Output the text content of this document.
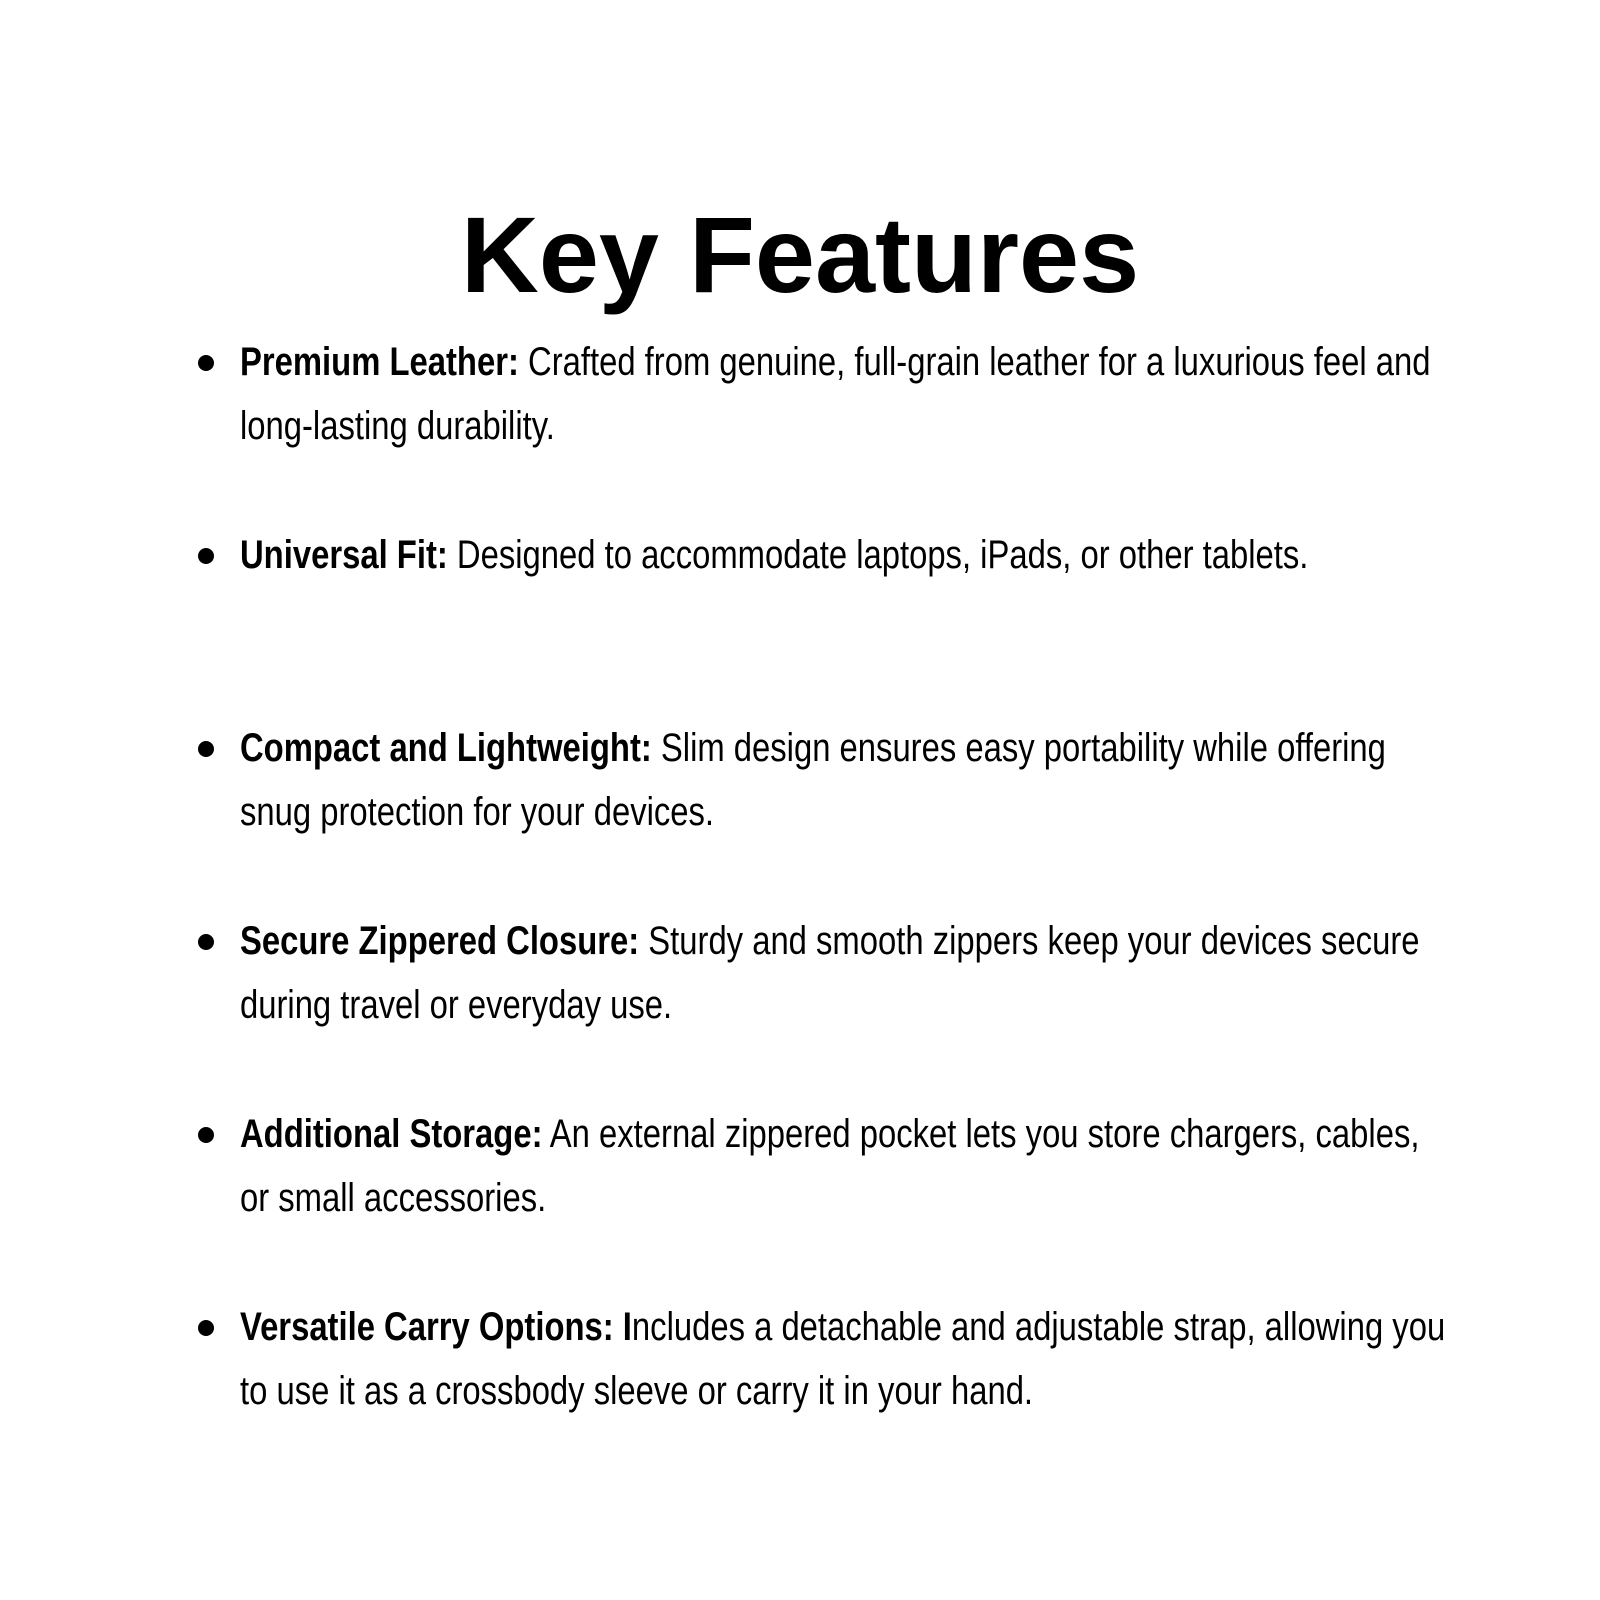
Key Features
Premium Leather: Crafted from genuine, full-grain leather for a luxurious feel and long-lasting durability.
Universal Fit: Designed to accommodate laptops, iPads, or other tablets.
Compact and Lightweight: Slim design ensures easy portability while offering snug protection for your devices.
Secure Zippered Closure: Sturdy and smooth zippers keep your devices secure during travel or everyday use.
Additional Storage: An external zippered pocket lets you store chargers, cables, or small accessories.
Versatile Carry Options: Includes a detachable and adjustable strap, allowing you to use it as a crossbody sleeve or carry it in your hand.
